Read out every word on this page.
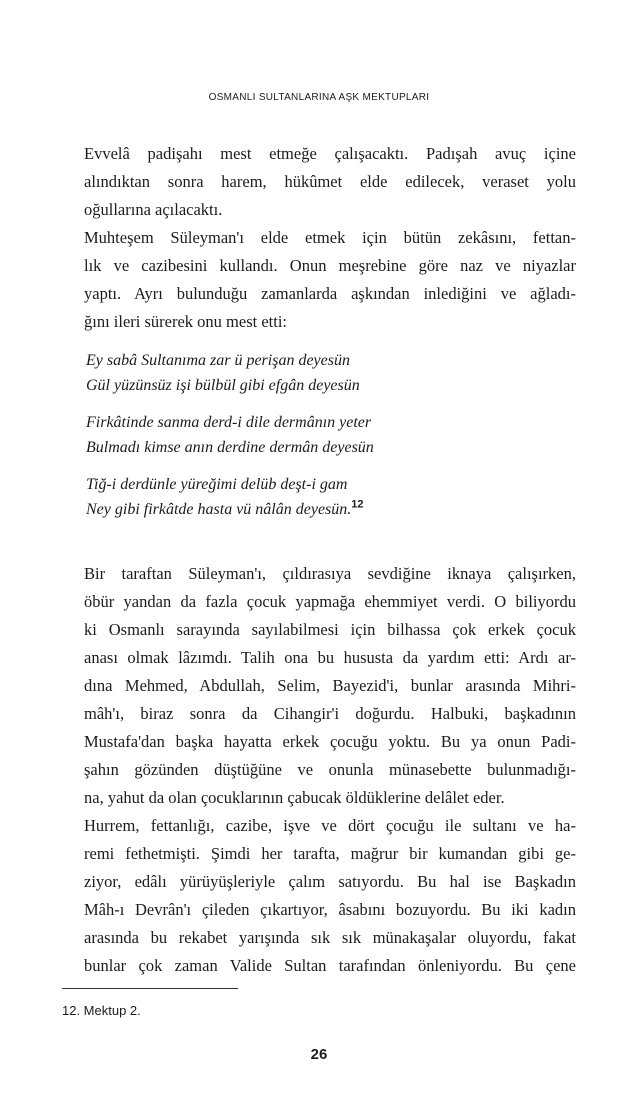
OSMANLI SULTANLARINA AŞK MEKTUPLARI

Evvelâ padişahı mest etmeğe çalışacaktı. Padışah avuç içine
alındıktan sonra harem, hükûmet elde edilecek, veraset yolu
oğullarına açılacaktı.

Muhteşem Süleyman'ı elde etmek için bütün zekâsını, fettan-
lık ve cazibesini kullandı. Onun meşrebine göre naz ve niyazlar
yaptı. Ayrı bulunduğu zamanlarda aşkından inlediğini ve ağladı-
ğını ileri sürerek onu mest etti:

Ey sabâ Sultanıma zar ü perişan deyesün
Gül yüzünsüz işi bülbül gibi efgân deyesün

Firkâtinde sanma derd-i dile dermânın yeter
Bulmadı kimse anın derdine dermân deyesün

Tiğ-i derdünle yüreğimi delüb deşt-i gam
Ney gibi firkâtde hasta vü nâlân deyesün.$^{12}$

Bir taraftan Süleyman'ı, çıldırasıya sevdiğine iknaya çalışırken,
öbür yandan da fazla çocuk yapmağa ehemmiyet verdi. O biliyordu
ki Osmanlı sarayında sayılabilmesi için bilhassa çok erkek çocuk
anası olmak lâzımdı. Talih ona bu hususta da yardım etti: Ardı ar-
dına Mehmed, Abdullah, Selim, Bayezid'i, bunlar arasında Mihri-
mâh'ı, biraz sonra da Cihangir'i doğurdu. Halbuki, başkadının
Mustafa'dan başka hayatta erkek çocuğu yoktu. Bu ya onun Padi-
şahın gözünden düştüğüne ve onunla münasebette bulunmadığı-
na, yahut da olan çocuklarının çabucak öldüklerine delâlet eder.

Hurrem, fettanlığı, cazibe, işve ve dört çocuğu ile sultanı ve ha-
remi fethetmişti. Şimdi her tarafta, mağrur bir kumandan gibi ge-
ziyor, edâlı yürüyüşleriyle çalım satıyordu. Bu hal ise Başkadın
Mâh-ı Devrân'ı çileden çıkartıyor, âsabını bozuyordu. Bu iki kadın
arasında bu rekabet yarışında sık sık münakaşalar oluyordu, fakat
bunlar çok zaman Valide Sultan tarafından önleniyordu. Bu çene

12. Mektup 2.
26
